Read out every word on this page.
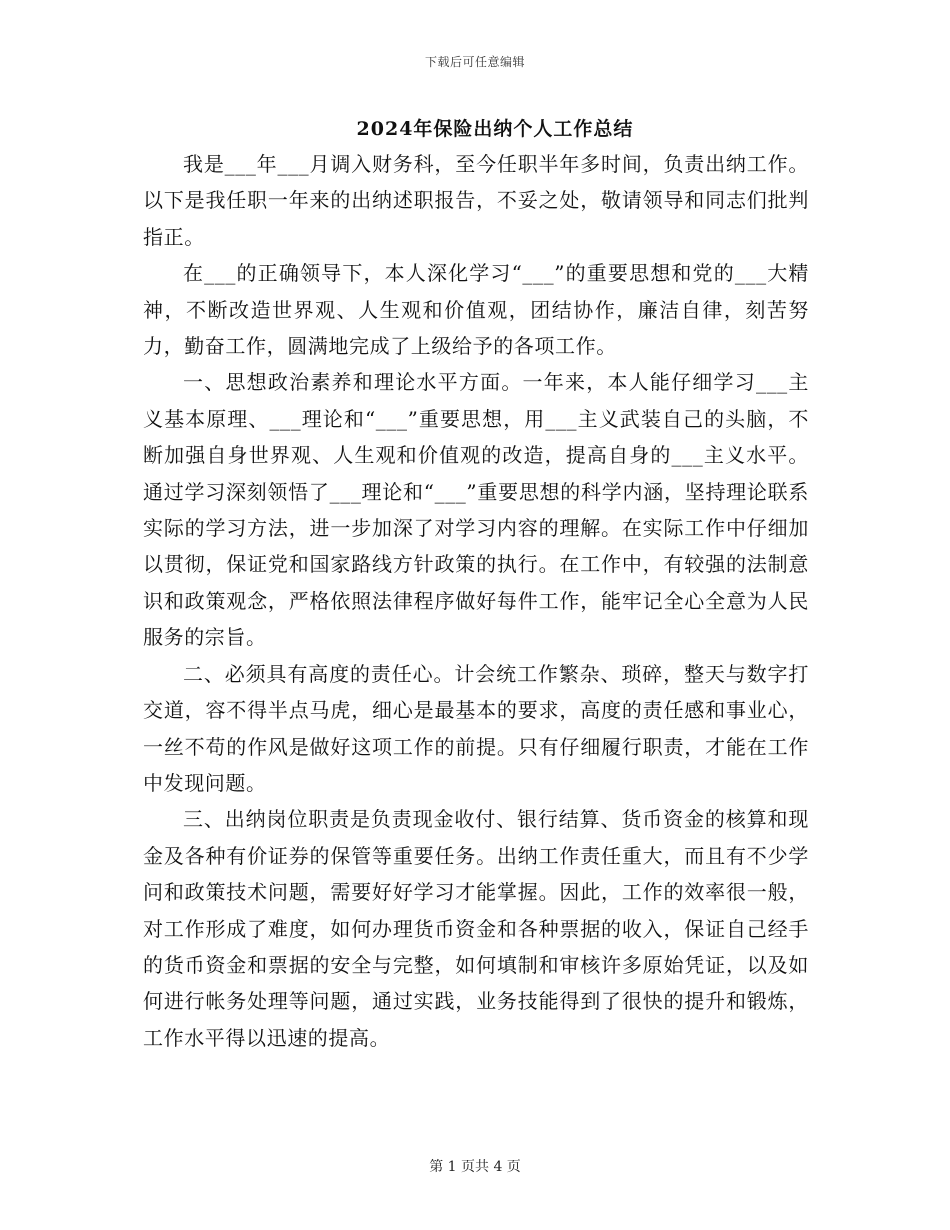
下载后可任意编辑
2024年保险出纳个人工作总结

我是___年___月调入财务科，至今任职半年多时间，负责出纳工作。以下是我任职一年来的出纳述职报告，不妥之处，敬请领导和同志们批判指正。

在___的正确领导下，本人深化学习“___”的重要思想和党的___大精神，不断改造世界观、人生观和价值观，团结协作，廉洁自律，刻苦努力，勤奋工作，圆满地完成了上级给予的各项工作。

一、思想政治素养和理论水平方面。一年来，本人能仔细学习___主义基本原理、___理论和“___”重要思想，用___主义武装自己的头脑，不断加强自身世界观、人生观和价值观的改造，提高自身的___主义水平。通过学习深刻领悟了___理论和“___”重要思想的科学内涵，坚持理论联系实际的学习方法，进一步加深了对学习内容的理解。在实际工作中仔细加以贯彻，保证党和国家路线方针政策的执行。在工作中，有较强的法制意识和政策观念，严格依照法律程序做好每件工作，能牢记全心全意为人民服务的宗旨。

二、必须具有高度的责任心。计会统工作繁杂、琐碎，整天与数字打交道，容不得半点马虎，细心是最基本的要求，高度的责任感和事业心，一丝不苟的作风是做好这项工作的前提。只有仔细履行职责，才能在工作中发现问题。

三、出纳岗位职责是负责现金收付、银行结算、货币资金的核算和现金及各种有价证券的保管等重要任务。出纳工作责任重大，而且有不少学问和政策技术问题，需要好好学习才能掌握。因此，工作的效率很一般，对工作形成了难度，如何办理货币资金和各种票据的收入，保证自己经手的货币资金和票据的安全与完整，如何填制和审核许多原始凭证，以及如何进行帐务处理等问题，通过实践，业务技能得到了很快的提升和锻炼，工作水平得以迅速的提高。

第 1 页共 4 页
